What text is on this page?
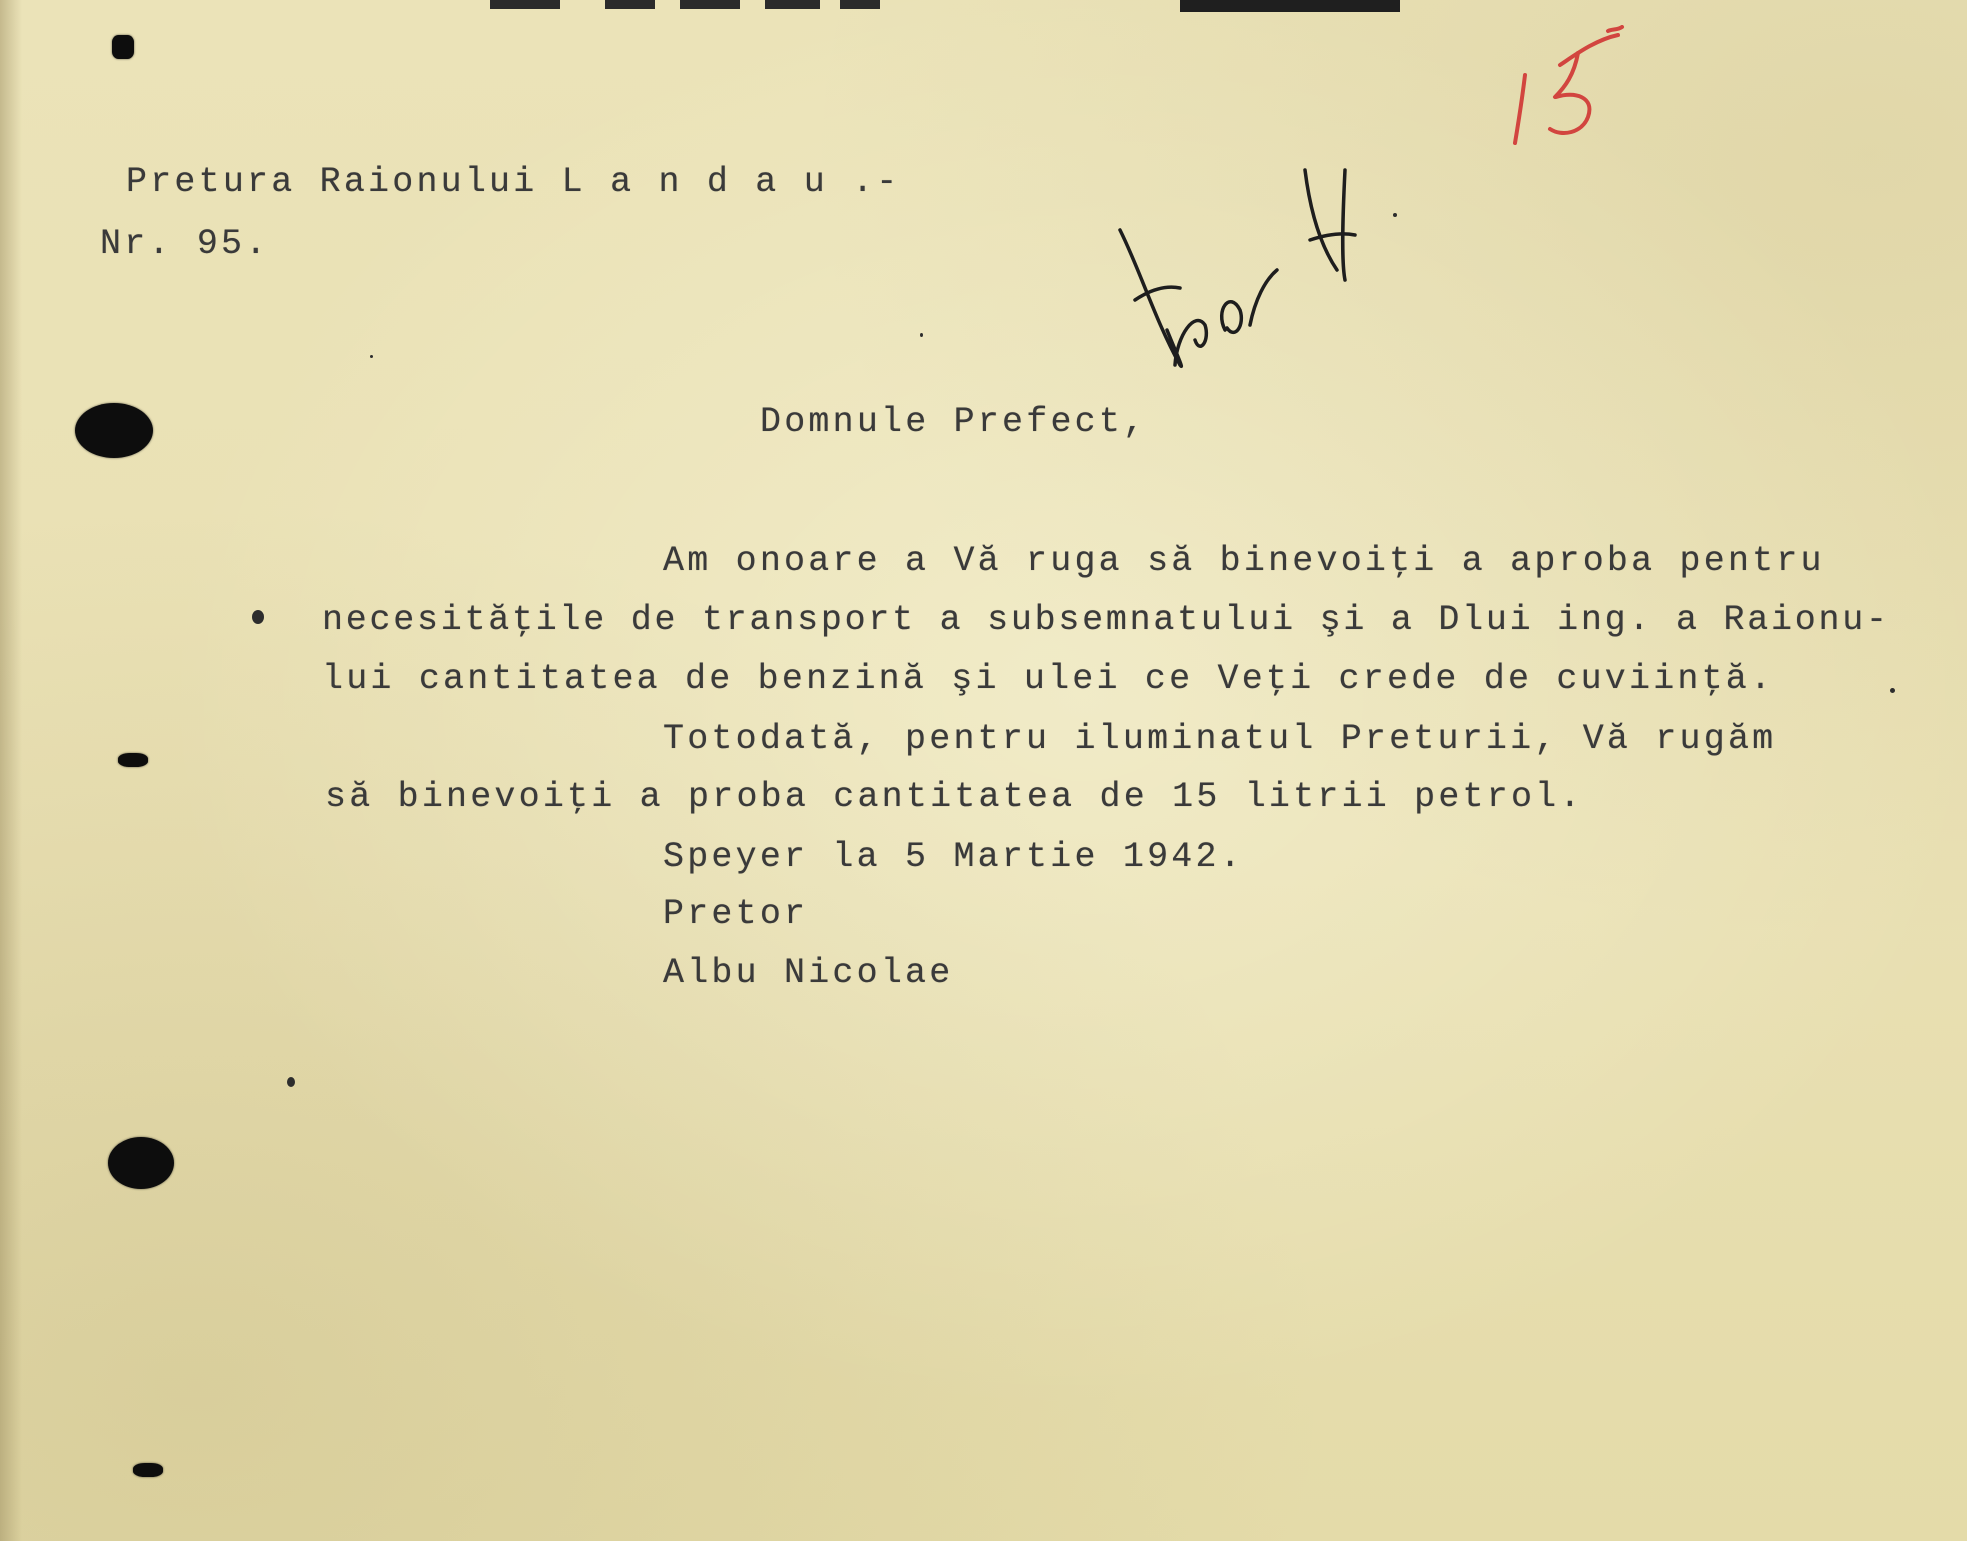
Pretura Raionului L a n d a u .-
Nr. 95.
Domnule Prefect,
Am onoare a Vă ruga să binevoiţi a aproba pentru
necesităţile de transport a subsemnatului şi a Dlui ing. a Raionu-
lui cantitatea de benzină şi ulei ce Veţi crede de cuviinţă.
Totodată, pentru iluminatul Preturii, Vă rugăm
să binevoiţi a proba cantitatea de 15 litrii petrol.
Speyer la 5 Martie 1942.
Pretor
Albu Nicolae
